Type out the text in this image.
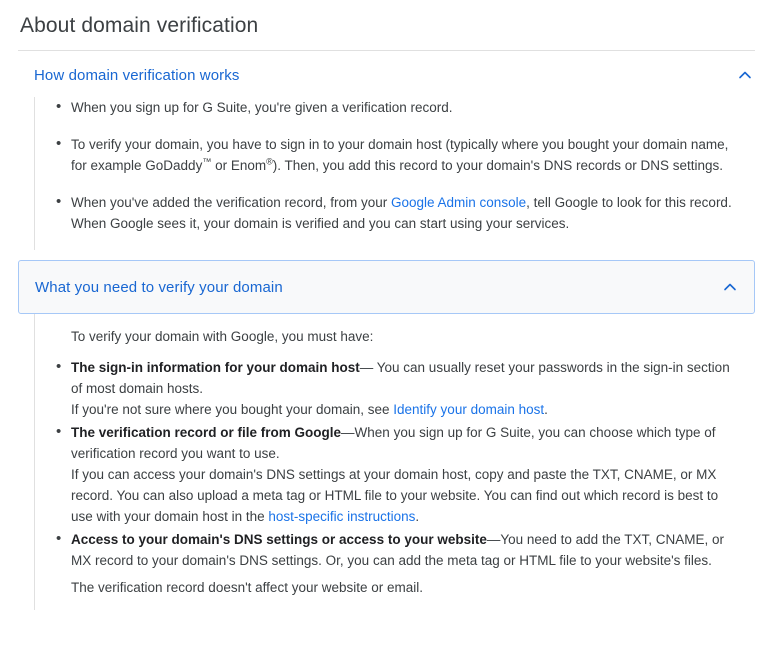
About domain verification
How domain verification works
• When you sign up for G Suite, you're given a verification record.
• To verify your domain, you have to sign in to your domain host (typically where you bought your domain name, for example GoDaddy™ or Enom®). Then, you add this record to your domain's DNS records or DNS settings.
• When you've added the verification record, from your Google Admin console, tell Google to look for this record. When Google sees it, your domain is verified and you can start using your services.
What you need to verify your domain
To verify your domain with Google, you must have:
• The sign-in information for your domain host— You can usually reset your passwords in the sign-in section of most domain hosts.
If you're not sure where you bought your domain, see Identify your domain host.
• The verification record or file from Google—When you sign up for G Suite, you can choose which type of verification record you want to use.
If you can access your domain's DNS settings at your domain host, copy and paste the TXT, CNAME, or MX record. You can also upload a meta tag or HTML file to your website. You can find out which record is best to use with your domain host in the host-specific instructions.
• Access to your domain's DNS settings or access to your website—You need to add the TXT, CNAME, or MX record to your domain's DNS settings. Or, you can add the meta tag or HTML file to your website's files.
The verification record doesn't affect your website or email.
